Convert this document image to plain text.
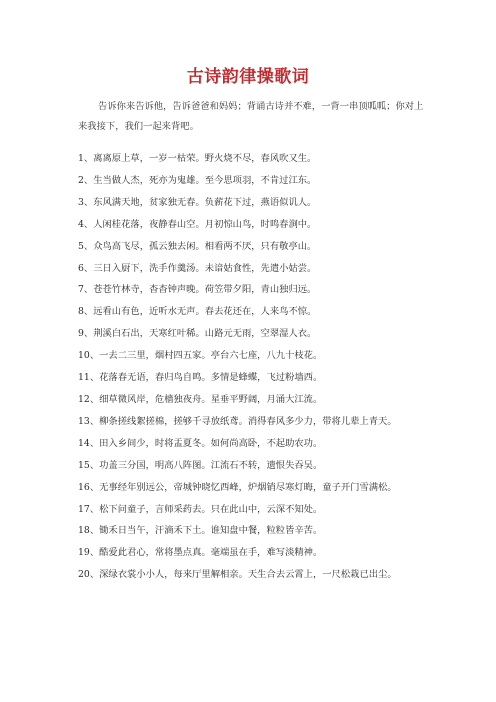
古诗韵律操歌词
告诉你来告诉他，告诉爸爸和妈妈；背诵古诗并不难，一背一串顶呱呱；你对上来我接下，我们一起来背吧。
1、离离原上草，一岁一枯荣。野火烧不尽，春风吹又生。
2、生当做人杰，死亦为鬼雄。至今思项羽，不肯过江东。
3、东风满天地，贫家独无春。负薪花下过，燕语似讥人。
4、人闲桂花落，夜静春山空。月初惊山鸟，时鸣春涧中。
5、众鸟高飞尽，孤云独去闲。相看两不厌，只有敬亭山。
6、三日入厨下，洗手作羹汤。未谙姑食性，先遣小姑尝。
7、苍苍竹林寺，杳杳钟声晚。荷笠带夕阳，青山独归远。
8、远看山有色，近听水无声。春去花还在，人来鸟不惊。
9、荆溪白石出，天寒红叶稀。山路元无雨，空翠湿人衣。
10、一去二三里，烟村四五家。亭台六七座，八九十枝花。
11、花落春无语，春归鸟自鸣。多情是蜂蝶，飞过粉墙西。
12、细草微风岸，危樯独夜舟。星垂平野阔，月涌大江流。
13、柳条搓线絮搓棉，搓够千寻放纸鸢。消得春风多少力，带将儿辈上青天。
14、田入乡间少，时将盂夏冬。如何尚高卧，不起助农功。
15、功盖三分国，明高八阵图。江流石不转，遗恨失吞吴。
16、无事经年别远公，帝城钟晓忆西峰，炉烟销尽寒灯晦，童子开门雪满松。
17、松下问童子，言师采药去。只在此山中，云深不知处。
18、锄禾日当午，汗滴禾下土。谁知盘中餐，粒粒皆辛苦。
19、酷爱此君心，常将墨点真。毫端虽在手，难写淡精神。
20、深绿衣裳小小人，每来厅里解相亲。天生合去云霄上，一尺松栽已出尘。
